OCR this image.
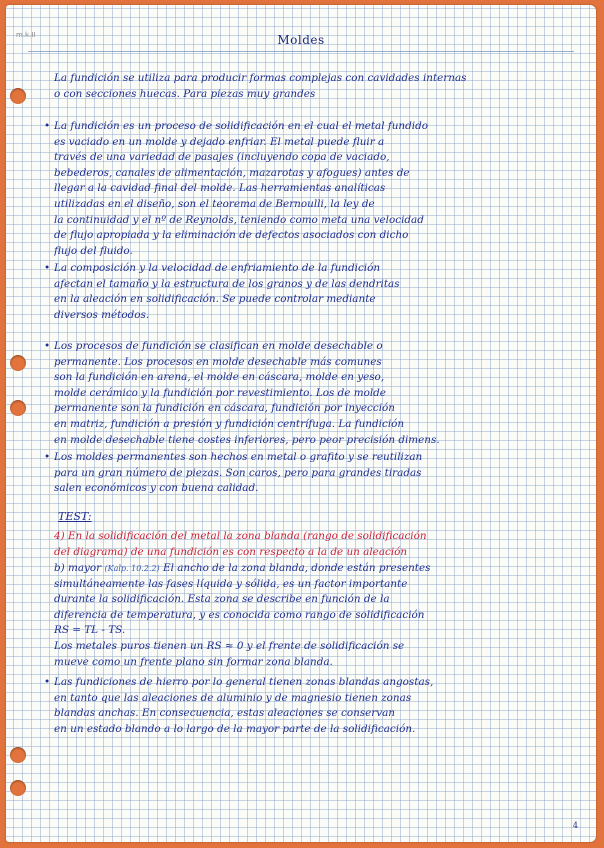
m.k.II	Moldes
La fundición se utiliza para producir formas complejas con cavidades internas
o con secciones huecas. Para piezas muy grandes
• La fundición es un proceso de solidificación en el cual el metal fundido
es vaciado en un molde y dejado enfriar. El metal puede fluir a
través de una variedad de pasajes (incluyendo copa de vaciado,
bebederos, canales de alimentación, mazarotas y afogues) antes de
llegar a la cavidad final del molde. Las herramientas analíticas
utilizadas en el diseño, son el teorema de Bernoulli, la ley de
la continuidad y el nº de Reynolds, teniendo como meta una velocidad
de flujo apropiada y la eliminación de defectos asociados con dicho
flujo del fluido.
• La composición y la velocidad de enfriamiento de la fundición
afectan el tamaño y la estructura de los granos y de las dendritas
en la aleación en solidificación. Se puede controlar mediante
diversos métodos.
• Los procesos de fundición se clasifican en molde desechable o
permanente. Los procesos en molde desechable más comunes
son la fundición en arena, el molde en cáscara, molde en yeso,
molde cerámico y la fundición por revestimiento. Los de molde
permanente son la fundición en cáscara, fundición por inyección
en matriz, fundición a presión y fundición centrífuga. La fundición
en molde desechable tiene costes inferiores, pero peor precisión dimens.
• Los moldes permanentes son hechos en metal o grafito y se reutilizan
para un gran número de piezas. Son caros, pero para grandes tiradas
salen económicos y con buena calidad.
TEST:
4) En la solidificación del metal la zona blanda (rango de solidificación
del diagrama) de una fundición es con respecto a la de un aleación
b) mayor (Kalp. 10.2.2) El ancho de la zona blanda, donde están presentes
simultáneamente las fases líquida y sólida, es un factor importante
durante la solidificación. Esta zona se describe en función de la
diferencia de temperatura, y es conocida como rango de solidificación
RS = TL - TS.
Los metales puros tienen un RS ≈ 0 y el frente de solidificación se
mueve como un frente plano sin formar zona blanda.
• Las fundiciones de hierro por lo general tienen zonas blandas angostas,
en tanto que las aleaciones de aluminio y de magnesio tienen zonas
blandas anchas. En consecuencia, estas aleaciones se conservan
en un estado blando a lo largo de la mayor parte de la solidificación.
4
